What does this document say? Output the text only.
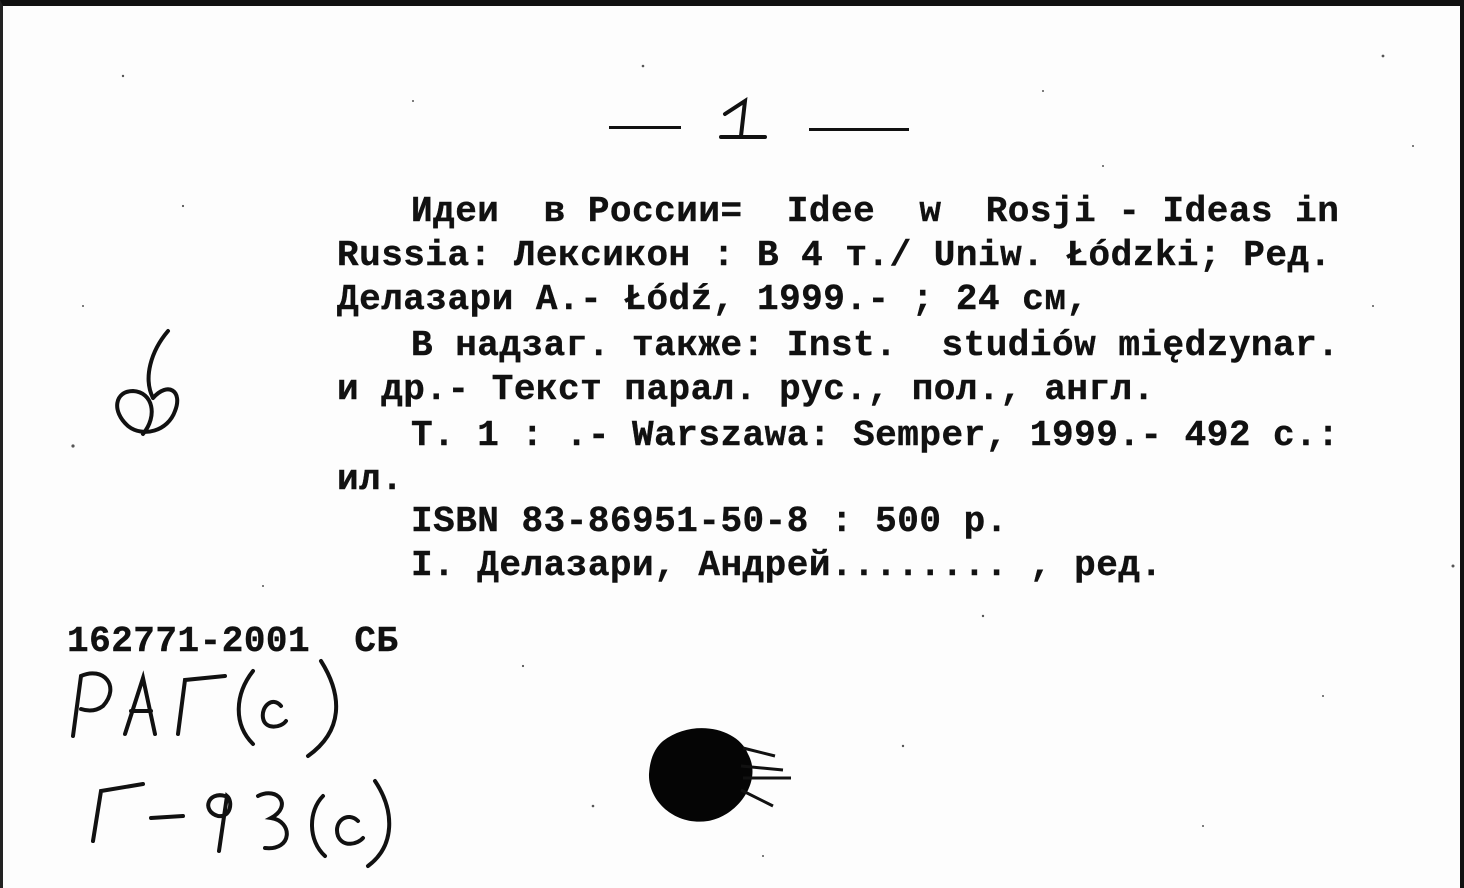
Идеи  в России=  Idee  w  Rosji - Ideas in
Russia: Лексикон : В 4 т./ Uniw. Łódzki; Ред.
Делазари А.- Łódź, 1999.- ; 24 см,
В надзаг. также: Inst.  studiów międzynar.
и др.- Текст парал. рус., пол., англ.
Т. 1 : .- Warszawa: Semper, 1999.- 492 с.:
ил.
ISBN 83-86951-50-8 : 500 р.
I. Делазари, Андрей........ , ред.
162771-2001  СБ
